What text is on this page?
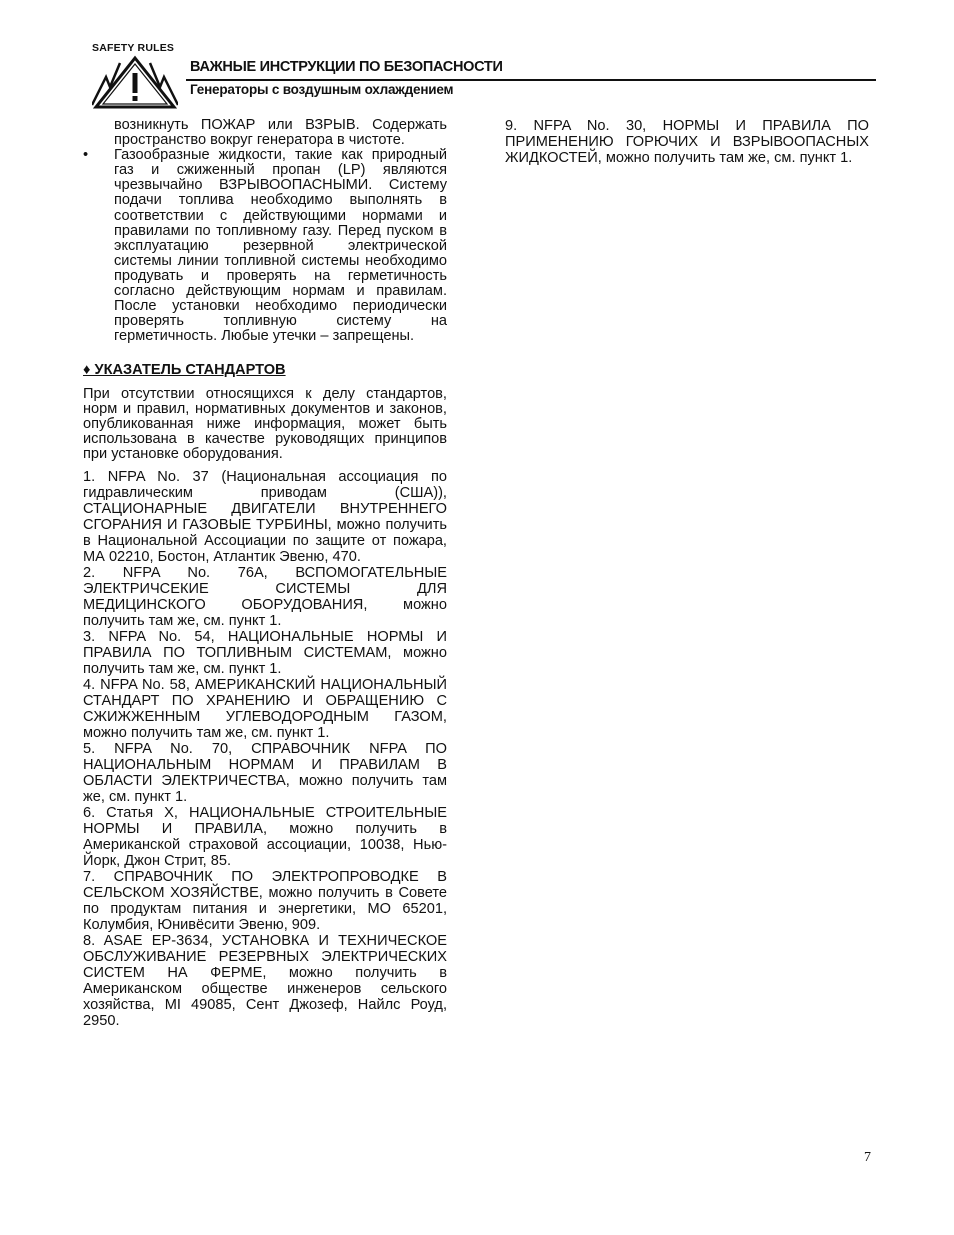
SAFETY RULES
ВАЖНЫЕ ИНСТРУКЦИИ ПО БЕЗОПАСНОСТИ
Генераторы с воздушным охлаждением
возникнуть ПОЖАР или ВЗРЫВ. Содержать пространство вокруг генератора в чистоте.
• Газообразные жидкости, такие как природный газ и сжиженный пропан (LP) являются чрезвычайно ВЗРЫВООПАСНЫМИ. Систему подачи топлива необходимо выполнять в соответствии с действующими нормами и правилами по топливному газу. Перед пуском в эксплуатацию резервной электрической системы линии топливной системы необходимо продувать и проверять на герметичность согласно действующим нормам и правилам. После установки необходимо периодически проверять топливную систему на герметичность. Любые утечки – запрещены.
♦ УКАЗАТЕЛЬ СТАНДАРТОВ
При отсутствии относящихся к делу стандартов, норм и правил, нормативных документов и законов, опубликованная ниже информация, может быть использована в качестве руководящих принципов при установке оборудования.
1. NFPA No. 37 (Национальная ассоциация по гидравлическим приводам (США)), СТАЦИОНАРНЫЕ ДВИГАТЕЛИ ВНУТРЕННЕГО СГОРАНИЯ И ГАЗОВЫЕ ТУРБИНЫ, можно получить в Национальной Ассоциации по защите от пожара, МА 02210, Бостон, Атлантик Эвеню, 470.
2. NFPA No. 76A, ВСПОМОГАТЕЛЬНЫЕ ЭЛЕКТРИЧСЕКИЕ СИСТЕМЫ ДЛЯ МЕДИЦИНСКОГО ОБОРУДОВАНИЯ, можно получить там же, см. пункт 1.
3. NFPA No. 54, НАЦИОНАЛЬНЫЕ НОРМЫ И ПРАВИЛА ПО ТОПЛИВНЫМ СИСТЕМАМ, можно получить там же, см. пункт 1.
4. NFPA No. 58, АМЕРИКАНСКИЙ НАЦИОНАЛЬНЫЙ СТАНДАРТ ПО ХРАНЕНИЮ И ОБРАЩЕНИЮ С СЖИЖЖЕННЫМ УГЛЕВОДОРОДНЫМ ГАЗОМ, можно получить там же, см. пункт 1.
5. NFPA No. 70, СПРАВОЧНИК NFPA ПО НАЦИОНАЛЬНЫМ НОРМАМ И ПРАВИЛАМ В ОБЛАСТИ ЭЛЕКТРИЧЕСТВА, можно получить там же, см. пункт 1.
6. Статья X, НАЦИОНАЛЬНЫЕ СТРОИТЕЛЬНЫЕ НОРМЫ И ПРАВИЛА, можно получить в Американской страховой ассоциации, 10038, Нью-Йорк, Джон Стрит, 85.
7. СПРАВОЧНИК ПО ЭЛЕКТРОПРОВОДКЕ В СЕЛЬСКОМ ХОЗЯЙСТВЕ, можно получить в Совете по продуктам питания и энергетики, МО 65201, Колумбия, Юнивёсити Эвеню, 909.
8. ASAE EP-3634, УСТАНОВКА И ТЕХНИЧЕСКОЕ ОБСЛУЖИВАНИЕ РЕЗЕРВНЫХ ЭЛЕКТРИЧЕСКИХ СИСТЕМ НА ФЕРМЕ, можно получить в Американском обществе инженеров сельского хозяйства, MI 49085, Сент Джозеф, Найлс Роуд, 2950.
9. NFPA No. 30, НОРМЫ И ПРАВИЛА ПО ПРИМЕНЕНИЮ ГОРЮЧИХ И ВЗРЫВООПАСНЫХ ЖИДКОСТЕЙ, можно получить там же, см. пункт 1.
7
